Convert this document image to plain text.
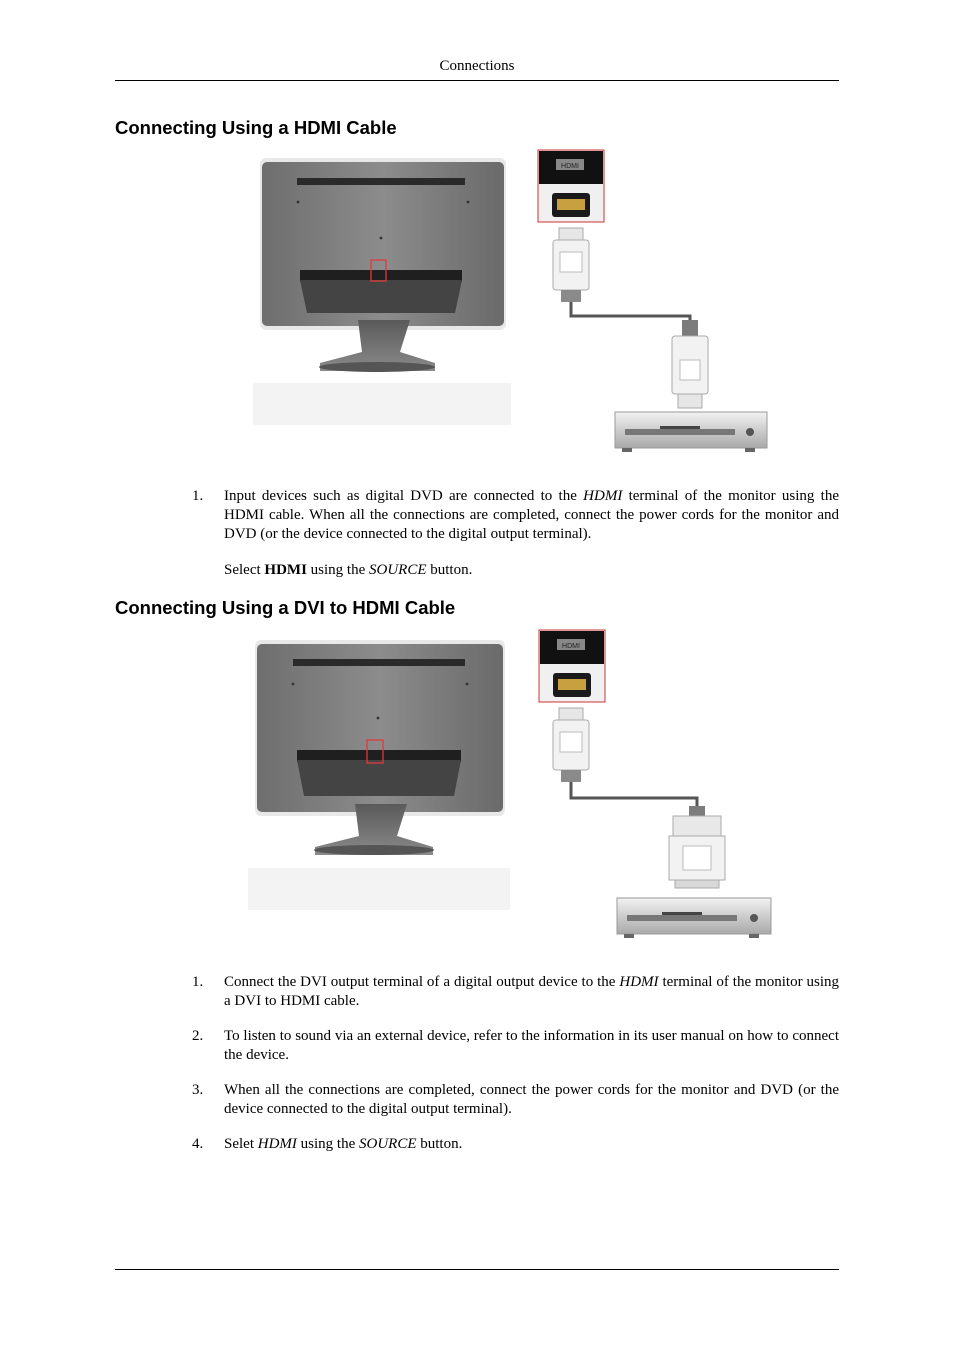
Connections
Connecting Using a HDMI Cable
HDMI
1. Input devices such as digital DVD are connected to the HDMI terminal of the monitor using the HDMI cable. When all the connections are completed, connect the power cords for the monitor and DVD (or the device connected to the digital output terminal).
Select HDMI using the SOURCE button.
Connecting Using a DVI to HDMI Cable
HDMI
1. Connect the DVI output terminal of a digital output device to the HDMI terminal of the monitor using a DVI to HDMI cable.
2. To listen to sound via an external device, refer to the information in its user manual on how to connect the device.
3. When all the connections are completed, connect the power cords for the monitor and DVD (or the device connected to the digital output terminal).
4. Selet HDMI using the SOURCE button.
